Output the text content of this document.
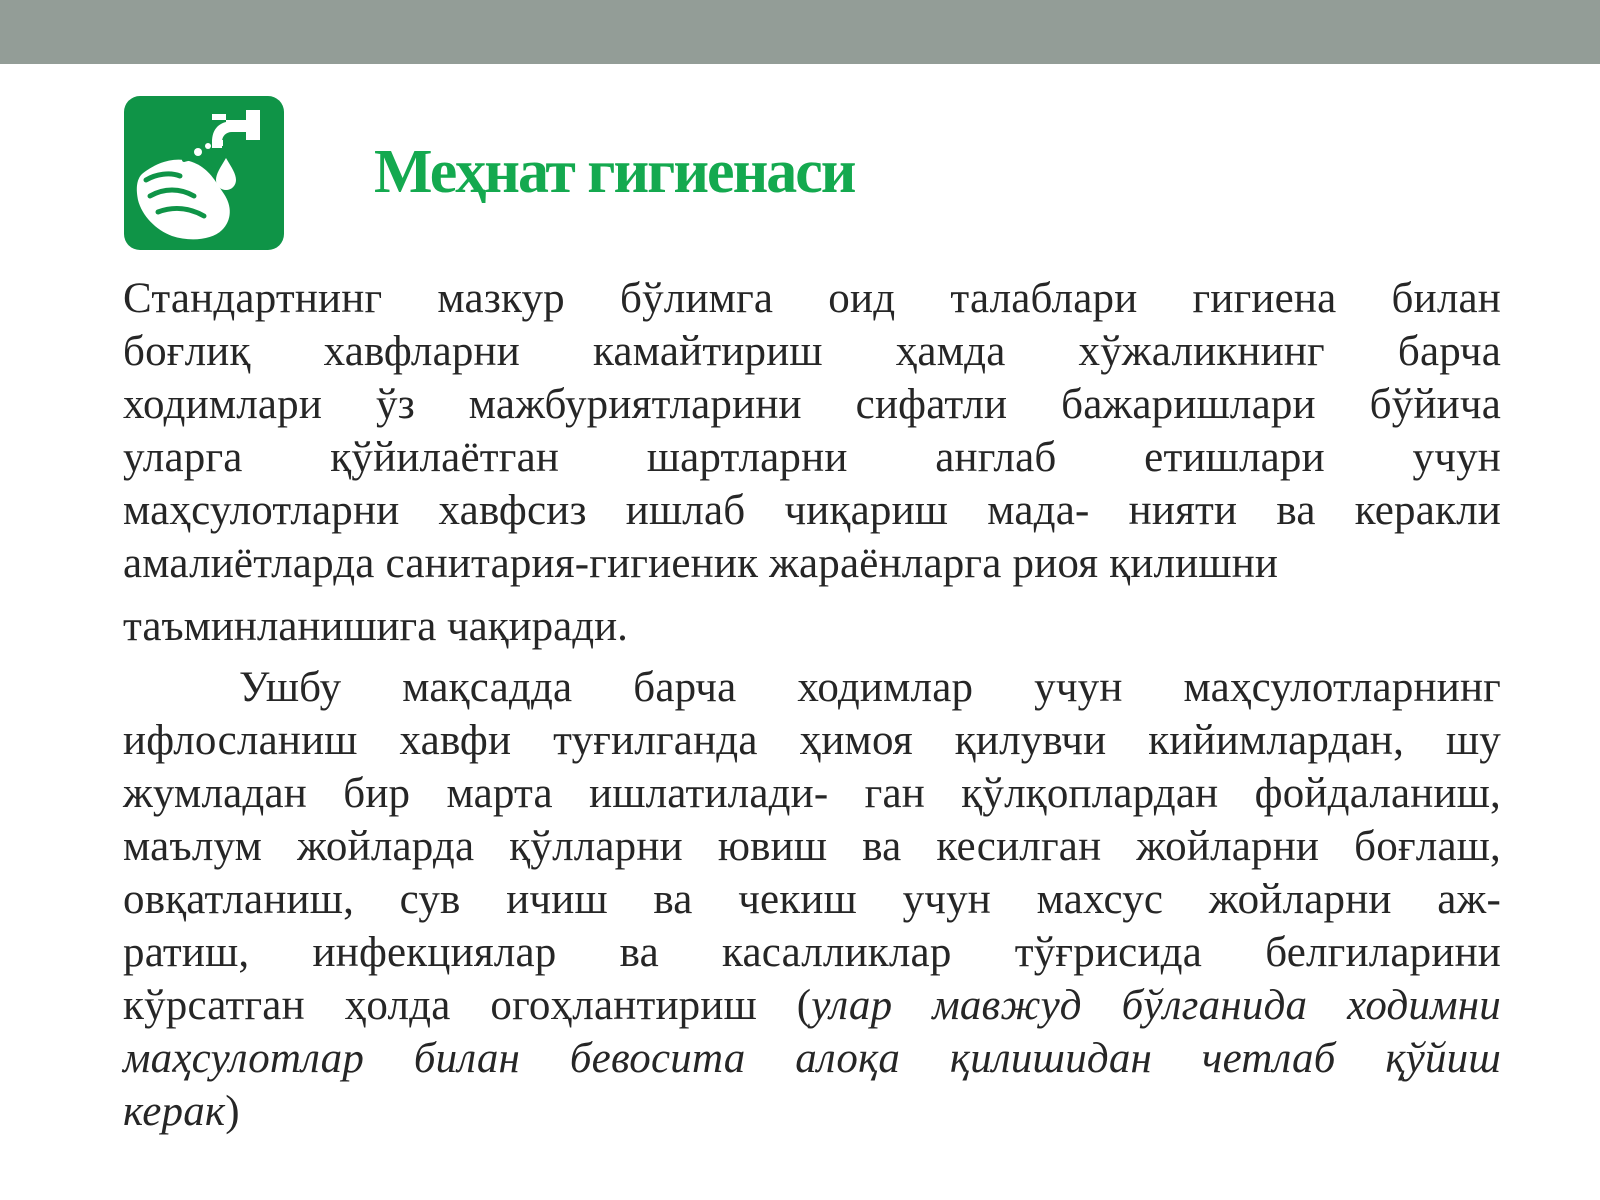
Меҳнат гигиенаси

Стандартнинг мазкур бўлимга оид талаблари гигиена билан
боғлиқ хавфларни камайтириш ҳамда хўжаликнинг барча
ходимлари ўз мажбуриятларини сифатли бажаришлари бўйича
уларга қўйилаётган шартларни англаб етишлари учун
маҳсулотларни хавфсиз ишлаб чиқариш мада- нияти ва керакли
амалиётларда санитария-гигиеник жараёнларга риоя қилишни

таъминланишига чақиради.

Ушбу мақсадда барча ходимлар учун маҳсулотларнинг
ифлосланиш хавфи туғилганда ҳимоя қилувчи кийимлардан, шу
жумладан бир марта ишлатилади- ган қўлқоплардан фойдаланиш,
маълум жойларда қўлларни ювиш ва кесилган жойларни боғлаш,
овқатланиш, сув ичиш ва чекиш учун махсус жойларни аж-
ратиш, инфекциялар ва касалликлар тўғрисида белгиларини
кўрсатган ҳолда огоҳлантириш (улар мавжуд бўлганида ходимни
маҳсулотлар билан бевосита алоқа қилишидан четлаб қўйиш
керак)
